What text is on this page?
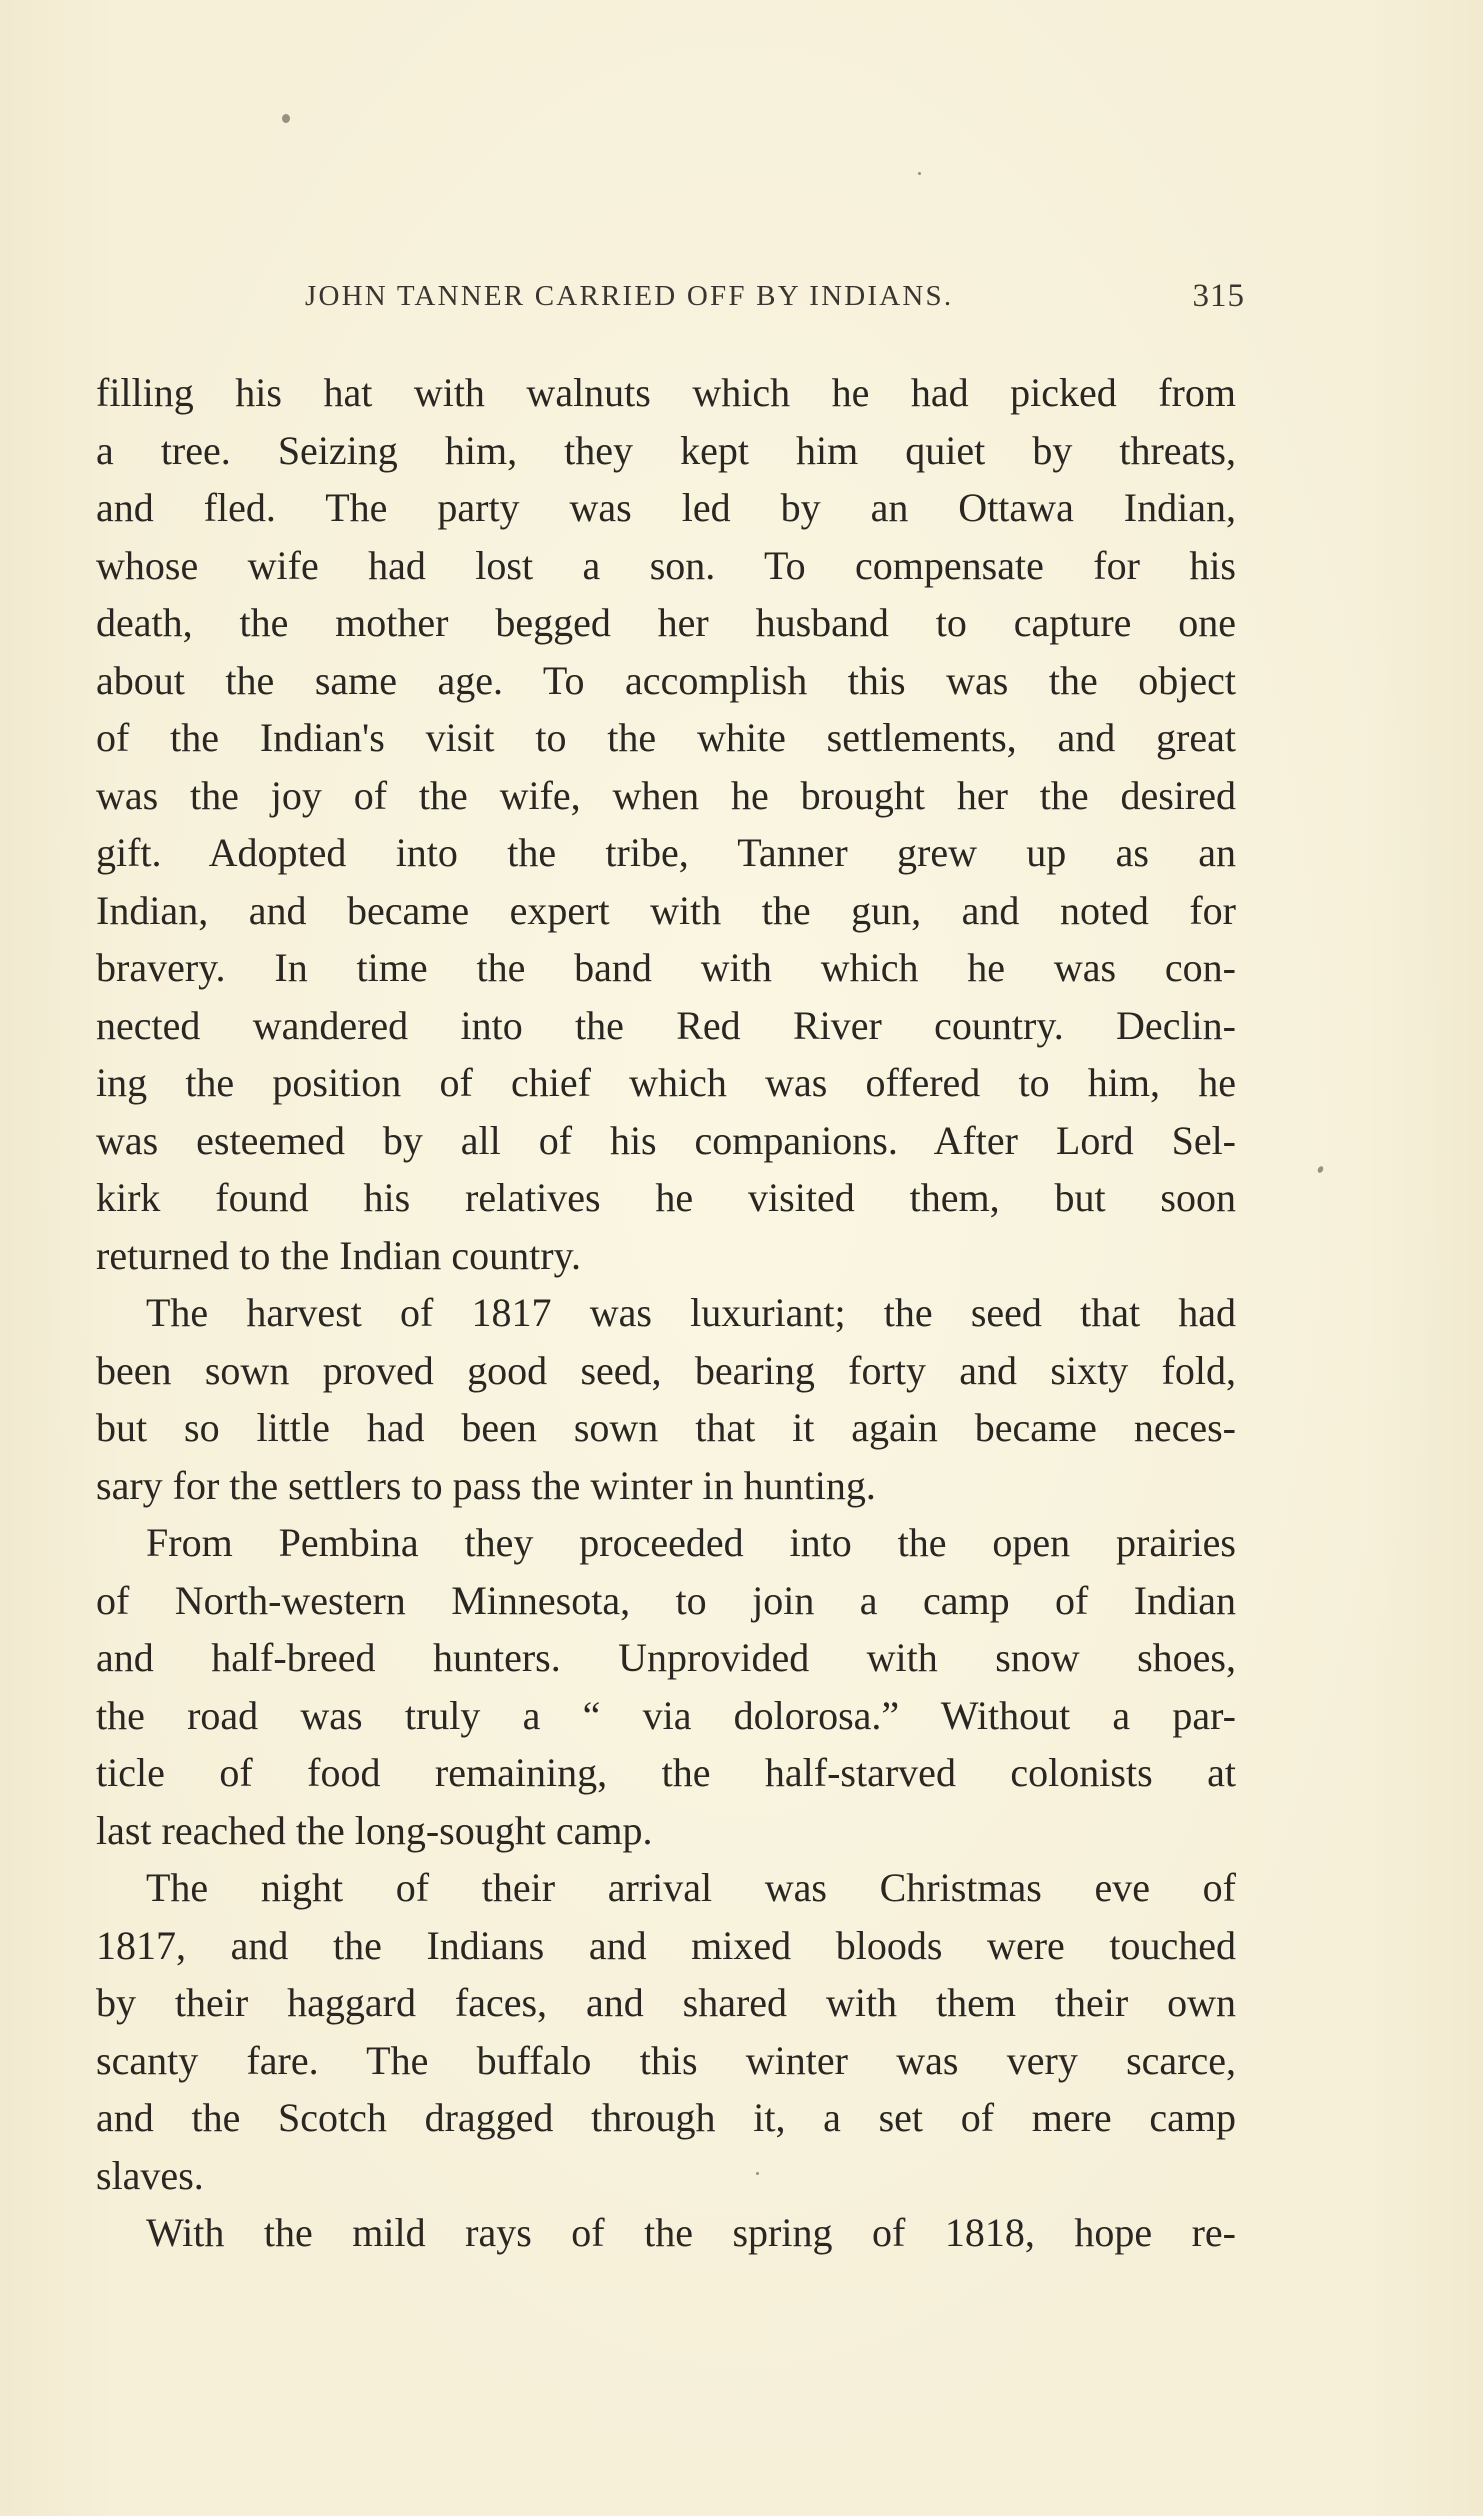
JOHN TANNER CARRIED OFF BY INDIANS.	315
filling his hat with walnuts which he had picked from
a tree. Seizing him, they kept him quiet by threats,
and fled. The party was led by an Ottawa Indian,
whose wife had lost a son. To compensate for his
death, the mother begged her husband to capture one
about the same age. To accomplish this was the object
of the Indian's visit to the white settlements, and great
was the joy of the wife, when he brought her the desired
gift. Adopted into the tribe, Tanner grew up as an
Indian, and became expert with the gun, and noted for
bravery. In time the band with which he was con-
nected wandered into the Red River country. Declin-
ing the position of chief which was offered to him, he
was esteemed by all of his companions. After Lord Sel-
kirk found his relatives he visited them, but soon
returned to the Indian country.
The harvest of 1817 was luxuriant; the seed that had
been sown proved good seed, bearing forty and sixty fold,
but so little had been sown that it again became neces-
sary for the settlers to pass the winter in hunting.
From Pembina they proceeded into the open prairies
of North-western Minnesota, to join a camp of Indian
and half-breed hunters. Unprovided with snow shoes,
the road was truly a “ via dolorosa.” Without a par-
ticle of food remaining, the half-starved colonists at
last reached the long-sought camp.
The night of their arrival was Christmas eve of
1817, and the Indians and mixed bloods were touched
by their haggard faces, and shared with them their own
scanty fare. The buffalo this winter was very scarce,
and the Scotch dragged through it, a set of mere camp
slaves.
With the mild rays of the spring of 1818, hope re-
